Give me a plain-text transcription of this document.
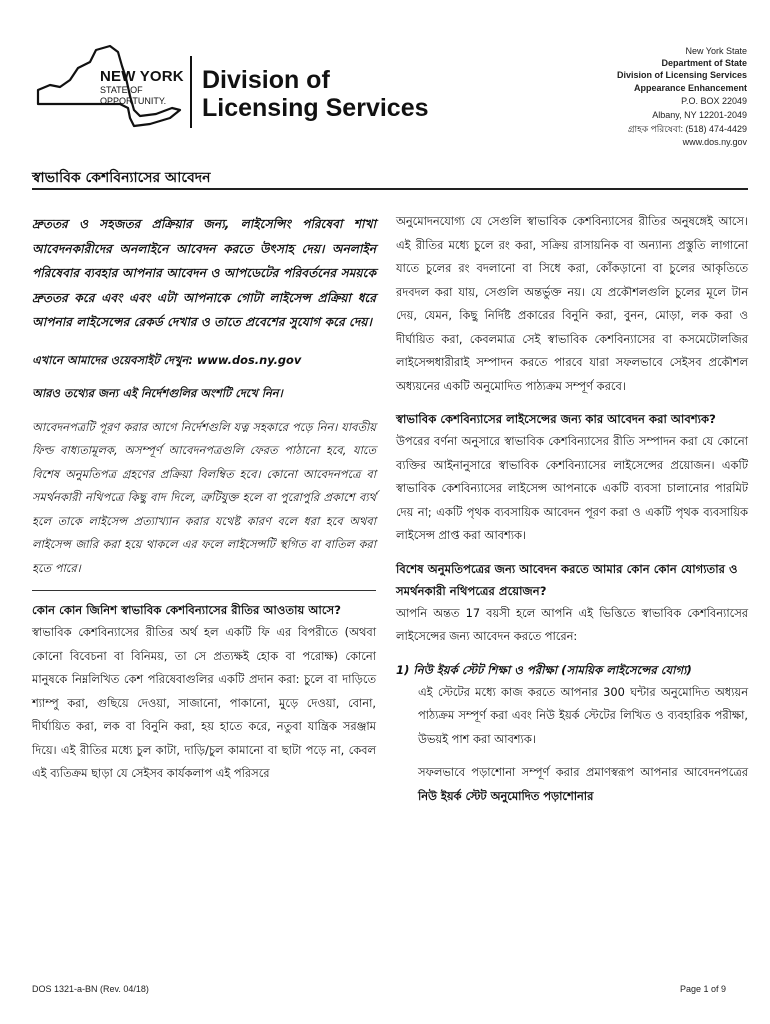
NEW YORK
STATE OF
OPPORTUNITY.
Division of
Licensing Services
New York State
Department of State
Division of Licensing Services
Appearance Enhancement
P.O. BOX 22049
Albany, NY 12201-2049
গ্রাহক পরিষেবা: (518) 474-4429
www.dos.ny.gov
স্বাভাবিক কেশবিন্যাসের আবেদন

দ্রুততর ও সহজতর প্রক্রিয়ার জন্য, লাইসেন্সিং পরিষেবা শাখা আবেদনকারীদের অনলাইনে আবেদন করতে উৎসাহ দেয়। অনলাইন পরিষেবার ব্যবহার আপনার আবেদন ও আপডেটের পরিবর্তনের সময়কে দ্রুততর করে এবং এবং এটা আপনাকে গোটা লাইসেন্স প্রক্রিয়া ধরে আপনার লাইসেন্সের রেকর্ড দেখার ও তাতে প্রবেশের সুযোগ করে দেয়।

এখানে আমাদের ওয়েবসাইট দেখুন: www.dos.ny.gov

আরও তথ্যের জন্য এই নির্দেশগুলির অংশটি দেখে নিন।

আবেদনপত্রটি পূরণ করার আগে নির্দেশগুলি যত্ন সহকারে পড়ে নিন। যাবতীয় ফিল্ড বাধ্যতামূলক, অসম্পূর্ণ আবেদনপত্রগুলি ফেরত পাঠানো হবে, যাতে বিশেষ অনুমতিপত্র গ্রহণের প্রক্রিয়া বিলম্বিত হবে। কোনো আবেদনপত্রে বা সমর্থনকারী নথিপত্রে কিছু বাদ দিলে, ত্রুটিযুক্ত হলে বা পুরোপুরি প্রকাশে ব্যর্থ হলে তাকে লাইসেন্স প্রত্যাখ্যান করার যথেষ্ট কারণ বলে ধরা হবে অথবা লাইসেন্স জারি করা হয়ে থাকলে এর ফলে লাইসেন্সটি স্থগিত বা বাতিল করা হতে পারে।

কোন কোন জিনিশ স্বাভাবিক কেশবিন্যাসের রীতির আওতায় আসে?

স্বাভাবিক কেশবিন্যাসের রীতির অর্থ হল একটি ফি এর বিপরীতে (অথবা কোনো বিবেচনা বা বিনিময়, তা সে প্রত্যক্ষই হোক বা পরোক্ষ) কোনো মানুষকে নিম্নলিখিত কেশ পরিষেবাগুলির একটি প্রদান করা: চুলে বা দাড়িতে শ্যাম্পু করা, গুছিয়ে দেওয়া, সাজানো, পাকানো, মুড়ে দেওয়া, বোনা, দীর্ঘায়িত করা, লক বা বিনুনি করা, হয় হাতে করে, নতুবা যান্ত্রিক সরঞ্জাম দিয়ে। এই রীতির মধ্যে চুল কাটা, দাড়ি/চুল কামানো বা ছাটা পড়ে না, কেবল এই ব্যতিক্রম ছাড়া যে সেইসব কার্যকলাপ এই পরিসরে

অনুমোদনযোগ্য যে সেগুলি স্বাভাবিক কেশবিন্যাসের রীতির অনুষঙ্গেই আসে। এই রীতির মধ্যে চুলে রং করা, সক্রিয় রাসায়নিক বা অন্যান্য প্রস্তুতি লাগানো যাতে চুলের রং বদলানো বা সিধে করা, কোঁকড়ানো বা চুলের আকৃতিতে রদবদল করা যায়, সেগুলি অন্তর্ভুক্ত নয়। যে প্রকৌশলগুলি চুলের মূলে টান দেয়, যেমন, কিছু নির্দিষ্ট প্রকারের বিনুনি করা, বুনন, মোড়া, লক করা ও দীর্ঘায়িত করা, কেবলমাত্র সেই স্বাভাবিক কেশবিন্যাসের বা কসমেটোলজির লাইসেন্সধারীরাই সম্পাদন করতে পারবে যারা সফলভাবে সেইসব প্রকৌশল অধ্যয়নের একটি অনুমোদিত পাঠ্যক্রম সম্পূর্ণ করবে।

স্বাভাবিক কেশবিন্যাসের লাইসেন্সের জন্য কার আবেদন করা আবশ্যক?

উপরের বর্ণনা অনুসারে স্বাভাবিক কেশবিন্যাসের রীতি সম্পাদন করা যে কোনো ব্যক্তির আইনানুসারে স্বাভাবিক কেশবিন্যাসের লাইসেন্সের প্রয়োজন। একটি স্বাভাবিক কেশবিন্যাসের লাইসেন্স আপনাকে একটি ব্যবসা চালানোর পারমিট দেয় না; একটি পৃথক ব্যবসায়িক আবেদন পূরণ করা ও একটি পৃথক ব্যবসায়িক লাইসেন্স প্রাপ্ত করা আবশ্যক।

বিশেষ অনুমতিপত্রের জন্য আবেদন করতে আমার কোন কোন যোগ্যতার ও সমর্থনকারী নথিপত্রের প্রয়োজন?

আপনি অন্তত 17 বয়সী হলে আপনি এই ভিত্তিতে স্বাভাবিক কেশবিন্যাসের লাইসেন্সের জন্য আবেদন করতে পারেন:

1) নিউ ইয়র্ক স্টেট শিক্ষা ও পরীক্ষা (সাময়িক লাইসেন্সের যোগ্য)

এই স্টেটের মধ্যে কাজ করতে আপনার 300 ঘন্টার অনুমোদিত অধ্যয়ন পাঠ্যক্রম সম্পূর্ণ করা এবং নিউ ইয়র্ক স্টেটের লিখিত ও ব্যবহারিক পরীক্ষা, উভয়ই পাশ করা আবশ্যক।

সফলভাবে পড়াশোনা সম্পূর্ণ করার প্রমাণস্বরূপ আপনার আবেদনপত্রের নিউ ইয়র্ক স্টেট অনুমোদিত পড়াশোনার

DOS 1321-a-BN (Rev. 04/18)	Page 1 of 9
